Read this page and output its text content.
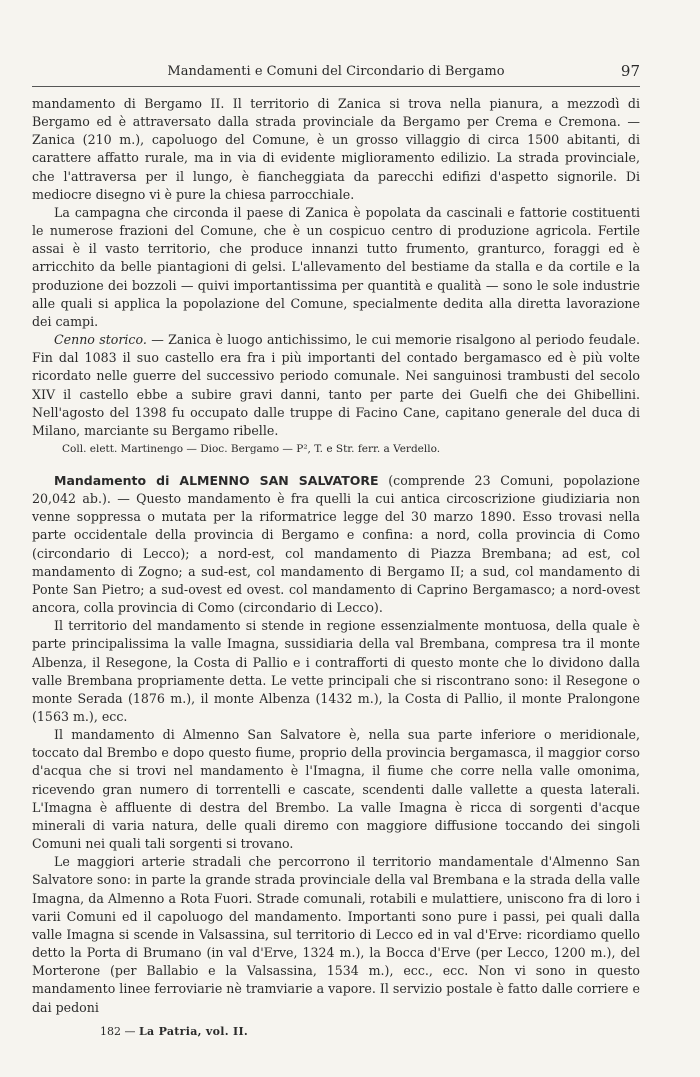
Mandamenti e Comuni del Circondario di Bergamo	97

mandamento di Bergamo II. Il territorio di Zanica si trova nella pianura, a mezzodì di Bergamo ed è attraversato dalla strada provinciale da Bergamo per Crema e Cremona. — Zanica (210 m.), capoluogo del Comune, è un grosso villaggio di circa 1500 abitanti, di carattere affatto rurale, ma in via di evidente miglioramento edilizio. La strada provinciale, che l'attraversa per il lungo, è fiancheggiata da parecchi edifizi d'aspetto signorile. Di mediocre disegno vi è pure la chiesa parrocchiale.

La campagna che circonda il paese di Zanica è popolata da cascinali e fattorie costituenti le numerose frazioni del Comune, che è un cospicuo centro di produzione agricola. Fertile assai è il vasto territorio, che produce innanzi tutto frumento, granturco, foraggi ed è arricchito da belle piantagioni di gelsi. L'allevamento del bestiame da stalla e da cortile e la produzione dei bozzoli — quivi importantissima per quantità e qualità — sono le sole industrie alle quali si applica la popolazione del Comune, specialmente dedita alla diretta lavorazione dei campi.

Cenno storico. — Zanica è luogo antichissimo, le cui memorie risalgono al periodo feudale. Fin dal 1083 il suo castello era fra i più importanti del contado bergamasco ed è più volte ricordato nelle guerre del successivo periodo comunale. Nei sanguinosi trambusti del secolo XIV il castello ebbe a subire gravi danni, tanto per parte dei Guelfi che dei Ghibellini. Nell'agosto del 1398 fu occupato dalle truppe di Facino Cane, capitano generale del duca di Milano, marciante su Bergamo ribelle.

Coll. elett. Martinengo — Dioc. Bergamo — P², T. e Str. ferr. a Verdello.

Mandamento di ALMENNO SAN SALVATORE (comprende 23 Comuni, popolazione 20,042 ab.). — Questo mandamento è fra quelli la cui antica circoscrizione giudiziaria non venne soppressa o mutata per la riformatrice legge del 30 marzo 1890. Esso trovasi nella parte occidentale della provincia di Bergamo e confina: a nord, colla provincia di Como (circondario di Lecco); a nord-est, col mandamento di Piazza Brembana; ad est, col mandamento di Zogno; a sud-est, col mandamento di Bergamo II; a sud, col mandamento di Ponte San Pietro; a sud-ovest ed ovest. col mandamento di Caprino Bergamasco; a nord-ovest ancora, colla provincia di Como (circondario di Lecco).

Il territorio del mandamento si stende in regione essenzialmente montuosa, della quale è parte principalissima la valle Imagna, sussidiaria della val Brembana, compresa tra il monte Albenza, il Resegone, la Costa di Pallio e i contrafforti di questo monte che lo dividono dalla valle Brembana propriamente detta. Le vette principali che si riscontrano sono: il Resegone o monte Serada (1876 m.), il monte Albenza (1432 m.), la Costa di Pallio, il monte Pralongone (1563 m.), ecc.

Il mandamento di Almenno San Salvatore è, nella sua parte inferiore o meridionale, toccato dal Brembo e dopo questo fiume, proprio della provincia bergamasca, il maggior corso d'acqua che si trovi nel mandamento è l'Imagna, il fiume che corre nella valle omonima, ricevendo gran numero di torrentelli e cascate, scendenti dalle vallette a questa laterali. L'Imagna è affluente di destra del Brembo. La valle Imagna è ricca di sorgenti d'acque minerali di varia natura, delle quali diremo con maggiore diffusione toccando dei singoli Comuni nei quali tali sorgenti si trovano.

Le maggiori arterie stradali che percorrono il territorio mandamentale d'Almenno San Salvatore sono: in parte la grande strada provinciale della val Brembana e la strada della valle Imagna, da Almenno a Rota Fuori. Strade comunali, rotabili e mulattiere, uniscono fra di loro i varii Comuni ed il capoluogo del mandamento. Importanti sono pure i passi, pei quali dalla valle Imagna si scende in Valsassina, sul territorio di Lecco ed in val d'Erve: ricordiamo quello detto la Porta di Brumano (in val d'Erve, 1324 m.), la Bocca d'Erve (per Lecco, 1200 m.), del Morterone (per Ballabio e la Valsassina, 1534 m.), ecc., ecc. Non vi sono in questo mandamento linee ferroviarie nè tramviarie a vapore. Il servizio postale è fatto dalle corriere e dai pedoni

182 — La Patria, vol. II.
